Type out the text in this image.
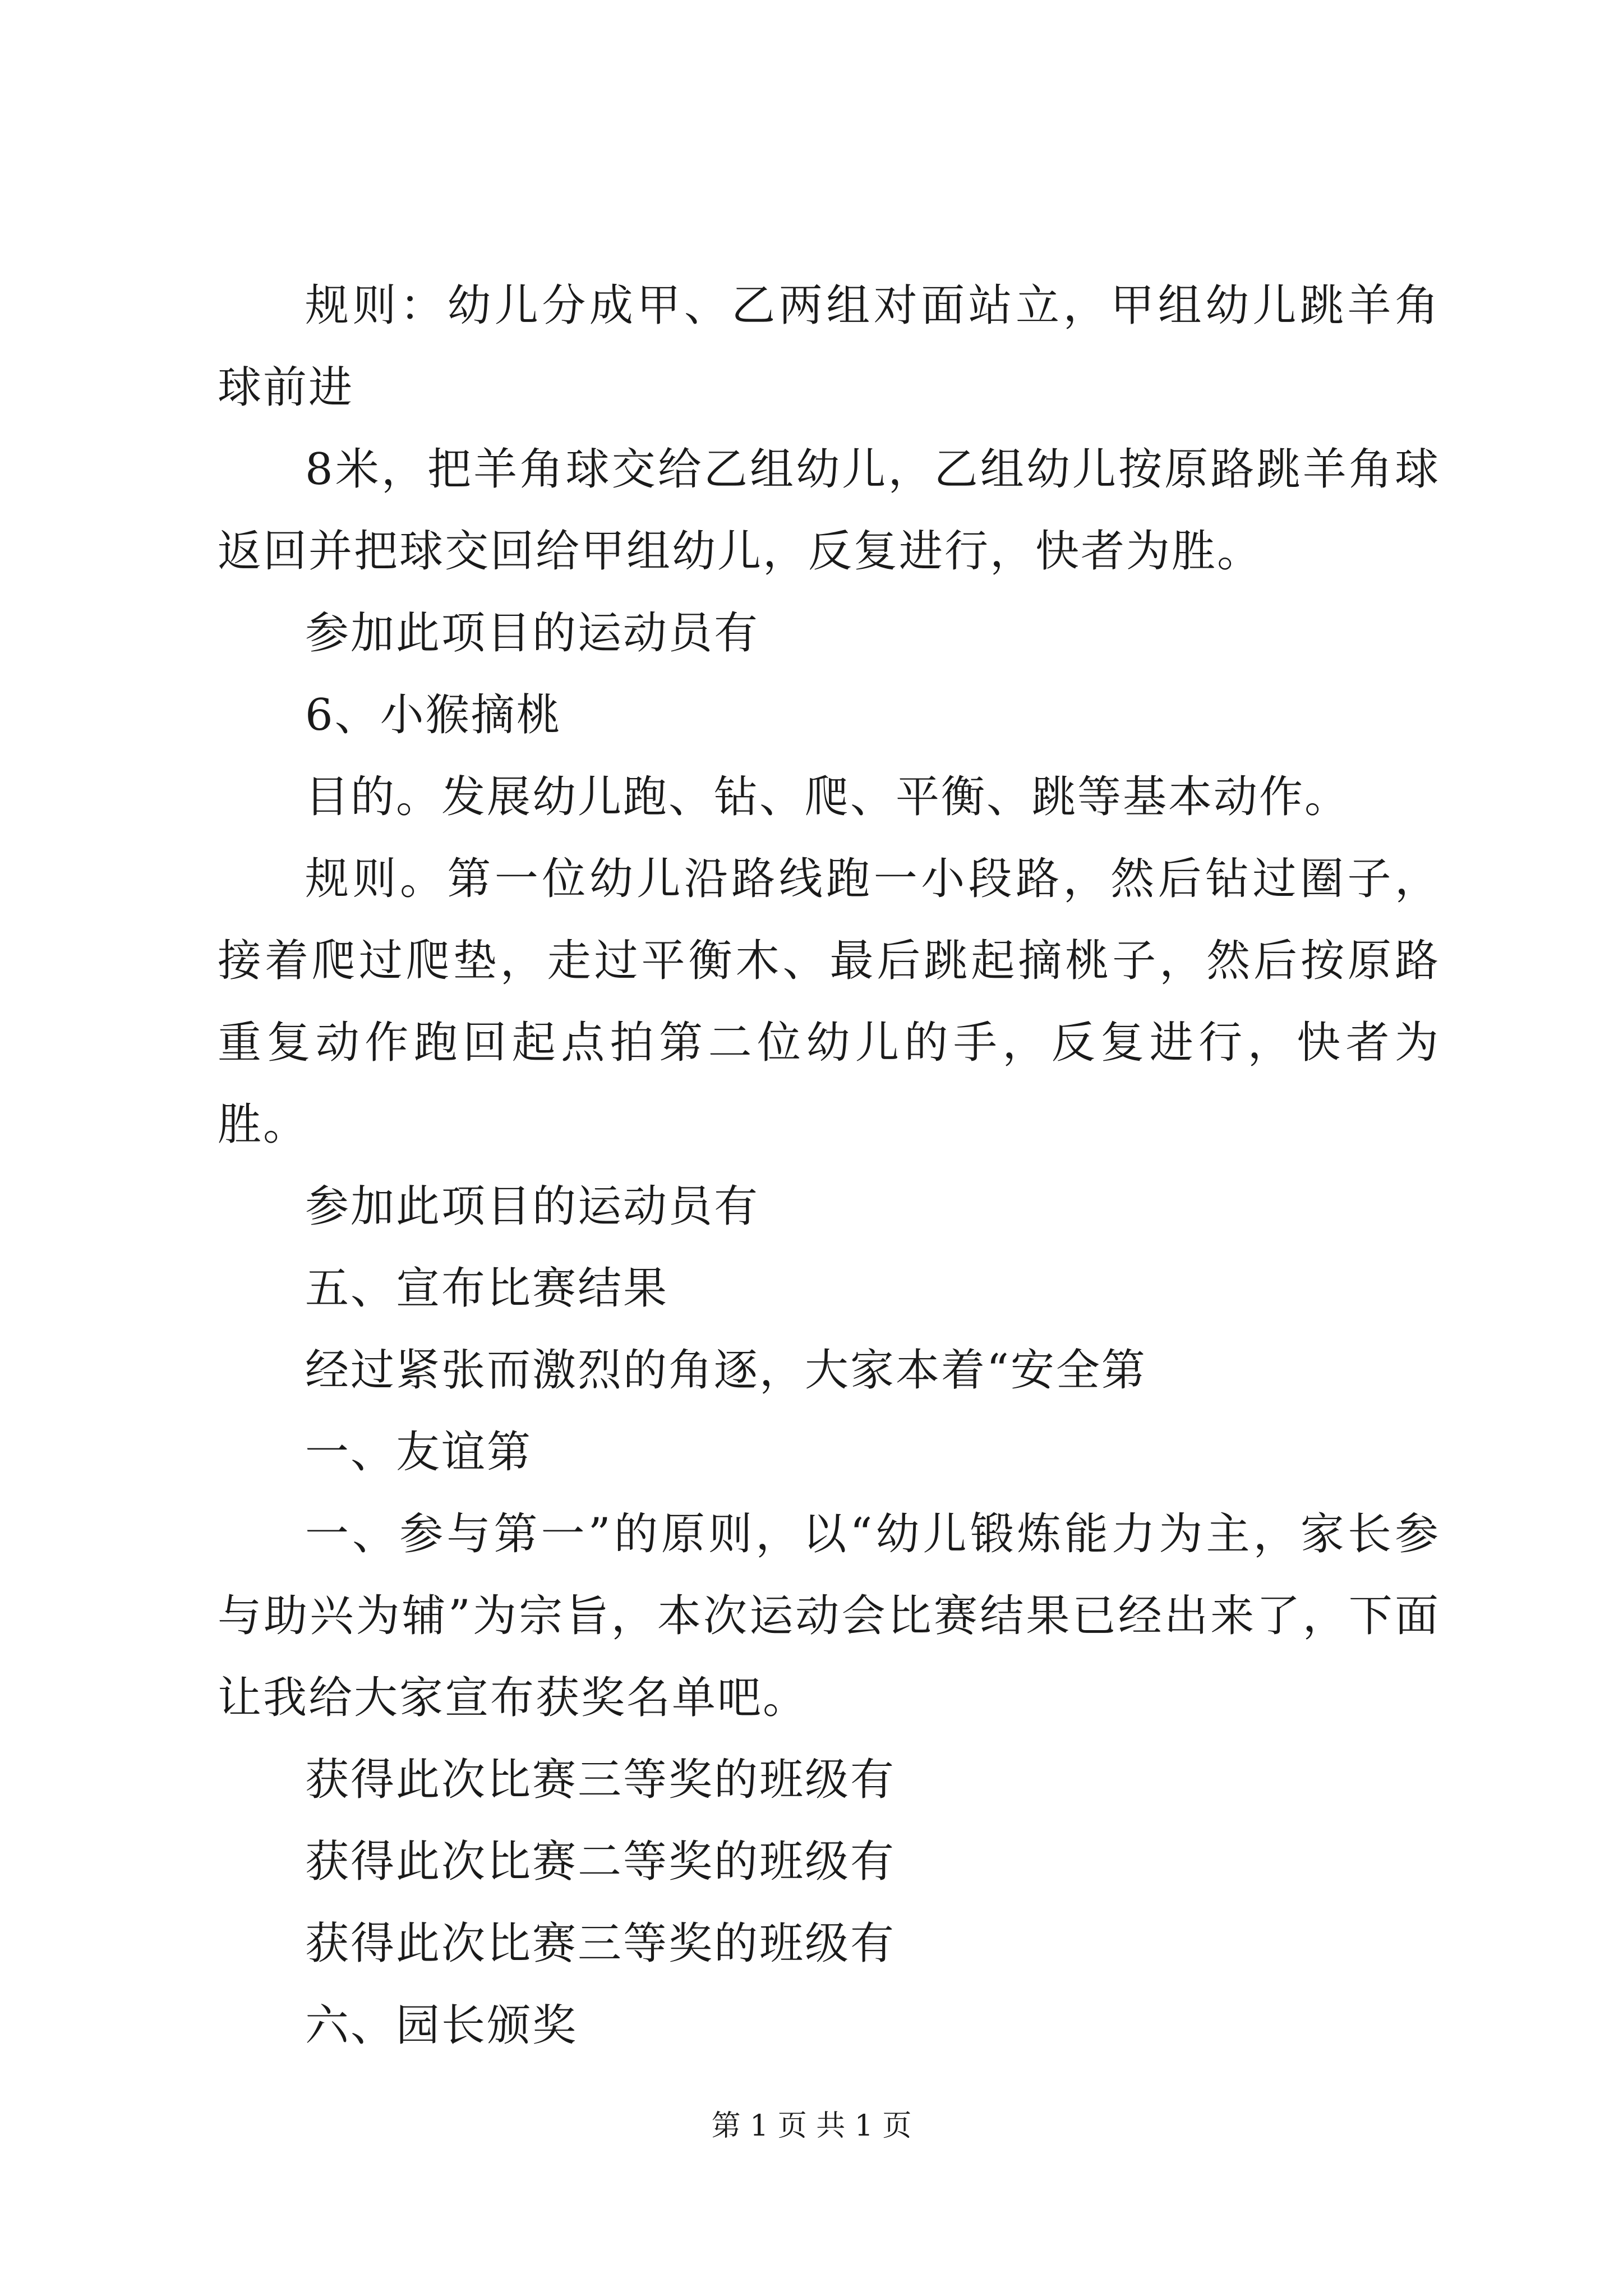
规则：幼儿分成甲、乙两组对面站立，甲组幼儿跳羊角球前进

8米，把羊角球交给乙组幼儿，乙组幼儿按原路跳羊角球返回并把球交回给甲组幼儿，反复进行，快者为胜。

参加此项目的运动员有

6、小猴摘桃

目的。发展幼儿跑、钻、爬、平衡、跳等基本动作。

规则。第一位幼儿沿路线跑一小段路，然后钻过圈子，接着爬过爬垫，走过平衡木、最后跳起摘桃子，然后按原路重复动作跑回起点拍第二位幼儿的手，反复进行，快者为胜。

参加此项目的运动员有

五、宣布比赛结果

经过紧张而激烈的角逐，大家本着“安全第

一、友谊第

一、参与第一”的原则，以“幼儿锻炼能力为主，家长参与助兴为辅”为宗旨，本次运动会比赛结果已经出来了，下面让我给大家宣布获奖名单吧。

获得此次比赛三等奖的班级有

获得此次比赛二等奖的班级有

获得此次比赛三等奖的班级有

六、园长颁奖

第 1 页 共 1 页
